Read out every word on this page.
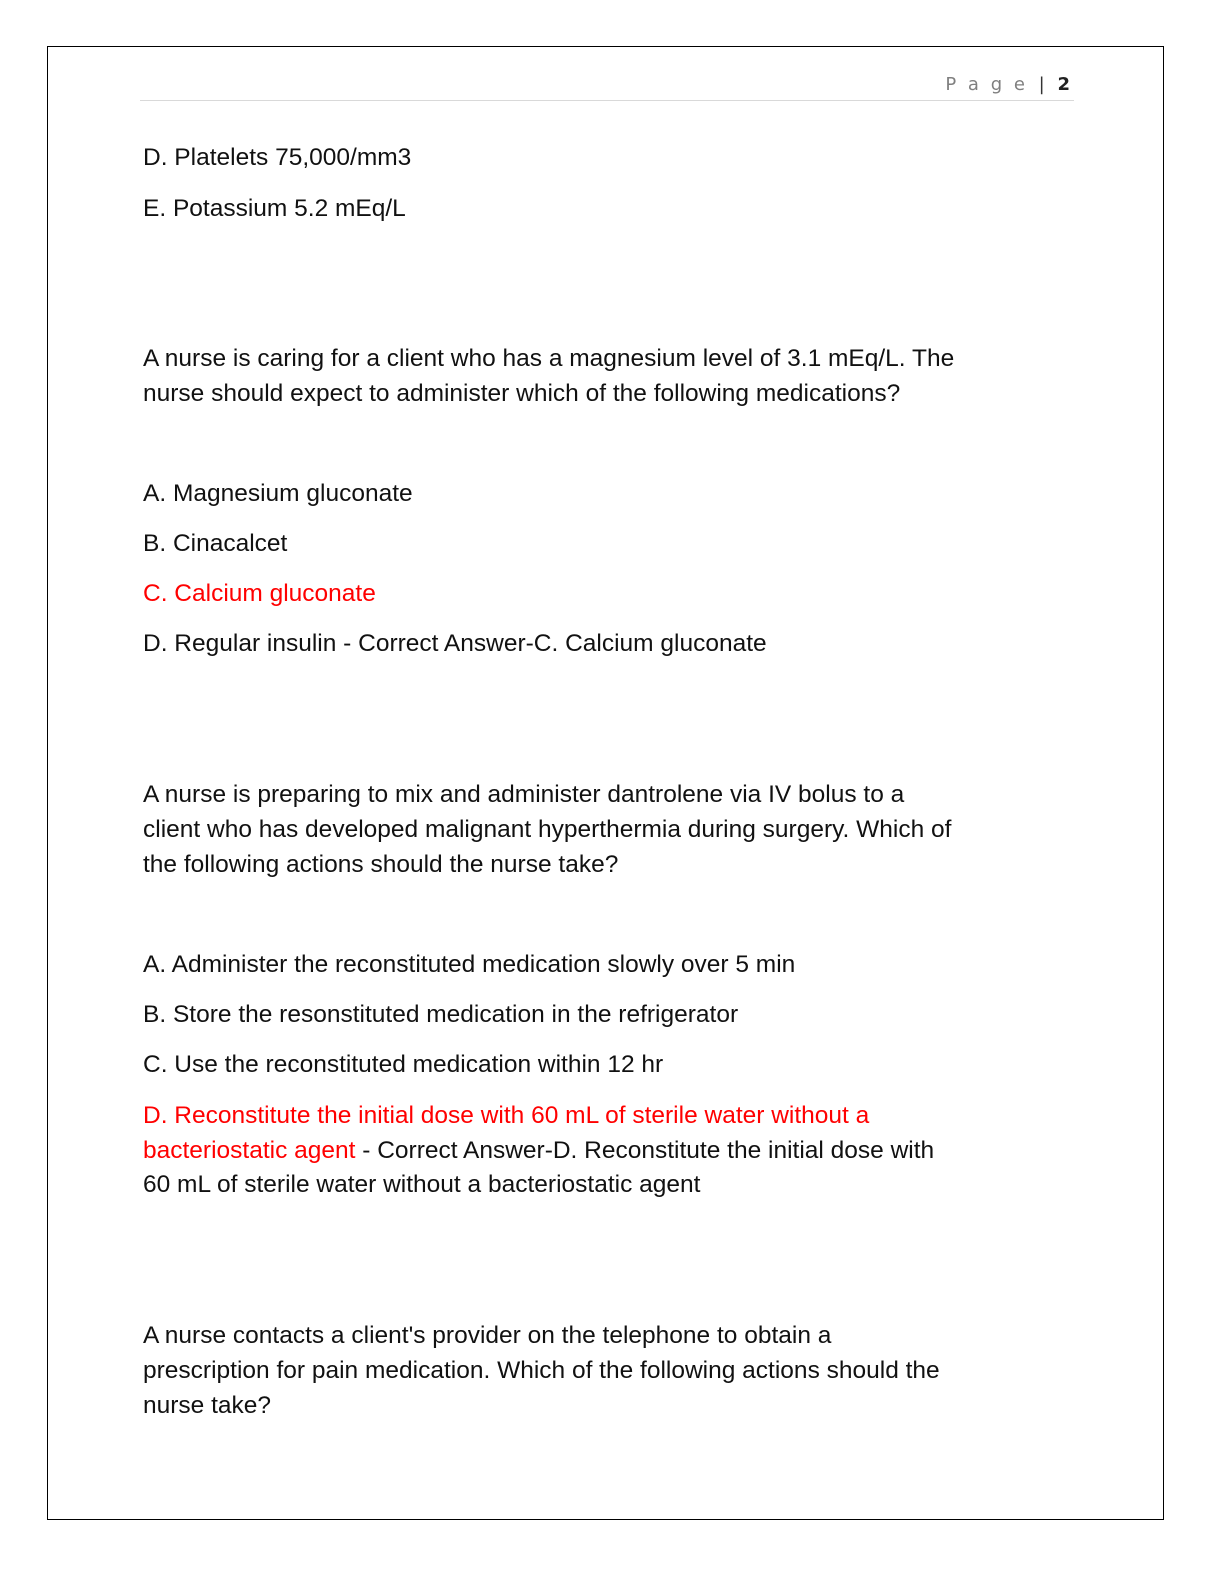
P a g e | 2
D. Platelets 75,000/mm3
E. Potassium 5.2 mEq/L
A nurse is caring for a client who has a magnesium level of 3.1 mEq/L. The
nurse should expect to administer which of the following medications?
A. Magnesium gluconate
B. Cinacalcet
C. Calcium gluconate
D. Regular insulin - Correct Answer-C. Calcium gluconate
A nurse is preparing to mix and administer dantrolene via IV bolus to a
client who has developed malignant hyperthermia during surgery. Which of
the following actions should the nurse take?
A. Administer the reconstituted medication slowly over 5 min
B. Store the resonstituted medication in the refrigerator
C. Use the reconstituted medication within 12 hr
D. Reconstitute the initial dose with 60 mL of sterile water without a
bacteriostatic agent - Correct Answer-D. Reconstitute the initial dose with
60 mL of sterile water without a bacteriostatic agent
A nurse contacts a client's provider on the telephone to obtain a
prescription for pain medication. Which of the following actions should the
nurse take?
